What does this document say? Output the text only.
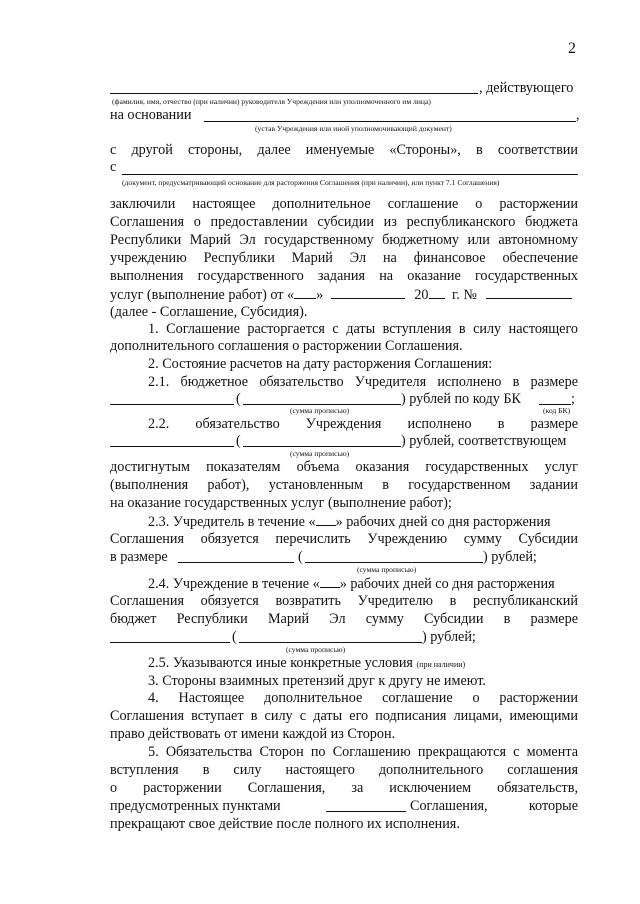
2
, действующего
(фамилия, имя, отчество (при наличии) руководителя Учреждения или уполномоченного им лица)
на основании	,
(устав Учреждения или иной уполномочивающий документ)
с другой стороны, далее именуемые «Стороны», в соответствии
с
(документ, предусматривающий основание для расторжения Соглашения (при наличии), или пункт 7.1 Соглашения)
заключили настоящее дополнительное соглашение о расторжении
Соглашения о предоставлении субсидии из республиканского бюджета
Республики Марий Эл государственному бюджетному или автономному
учреждению Республики Марий Эл на финансовое обеспечение
выполнения государственного задания на оказание государственных
услуг (выполнение работ) от « »	20 г. №
(далее - Соглашение, Субсидия).
1. Соглашение расторгается с даты вступления в силу настоящего
дополнительного соглашения о расторжении Соглашения.
2. Состояние расчетов на дату расторжения Соглашения:
2.1. бюджетное обязательство Учредителя исполнено в размере
(	) рублей по коду БК	;
(сумма прописью)	(код БК)
2.2. обязательство Учреждения исполнено в размере
(	) рублей, соответствующем
(сумма прописью)
достигнутым показателям объема оказания государственных услуг
(выполнения работ), установленным в государственном задании
на оказание государственных услуг (выполнение работ);
2.3. Учредитель в течение « » рабочих дней со дня расторжения
Соглашения обязуется перечислить Учреждению сумму Субсидии
в размере	(	) рублей;
(сумма прописью)
2.4. Учреждение в течение « » рабочих дней со дня расторжения
Соглашения обязуется возвратить Учредителю в республиканский
бюджет Республики Марий Эл сумму Субсидии в размере
(	) рублей;
(сумма прописью)
2.5. Указываются иные конкретные условия (при наличии)
3. Стороны взаимных претензий друг к другу не имеют.
4. Настоящее дополнительное соглашение о расторжении
Соглашения вступает в силу с даты его подписания лицами, имеющими
право действовать от имени каждой из Сторон.
5. Обязательства Сторон по Соглашению прекращаются с момента
вступления в силу настоящего дополнительного соглашения
о расторжении Соглашения, за исключением обязательств,
предусмотренных пунктами	Соглашения, которые
прекращают свое действие после полного их исполнения.
